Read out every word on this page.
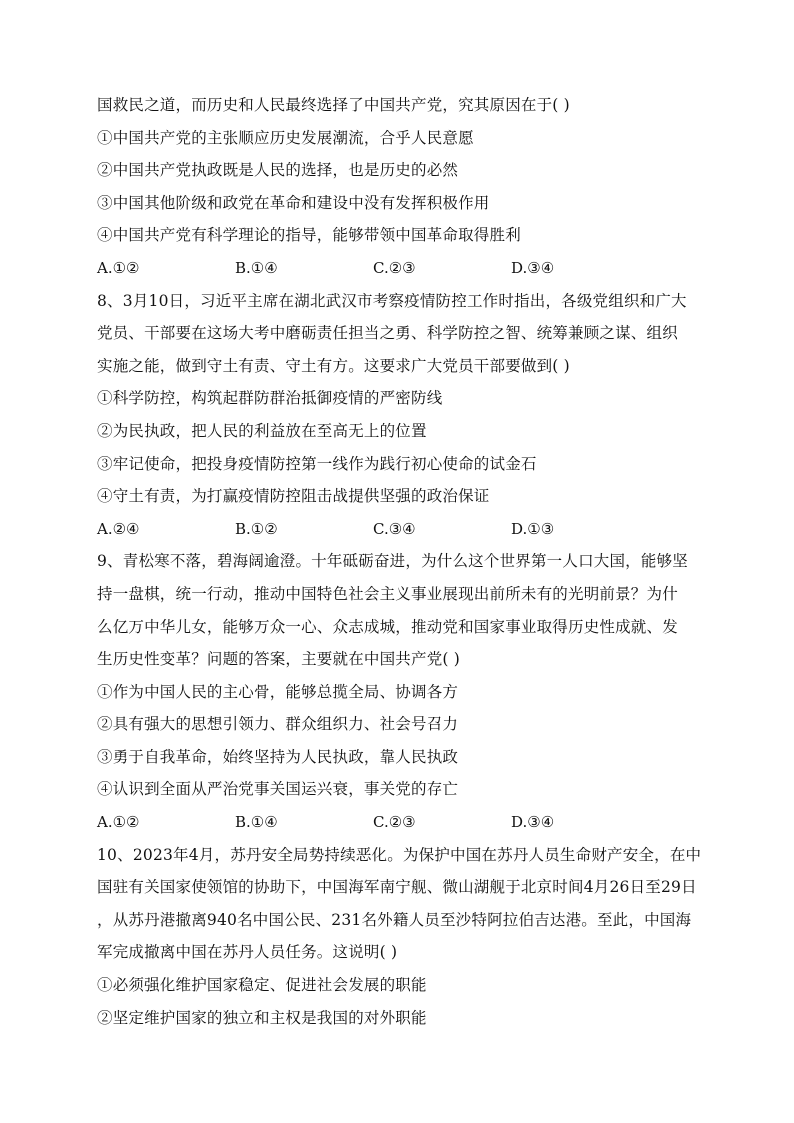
国救民之道，而历史和人民最终选择了中国共产党，究其原因在于( )
①中国共产党的主张顺应历史发展潮流，合乎人民意愿
②中国共产党执政既是人民的选择，也是历史的必然
③中国其他阶级和政党在革命和建设中没有发挥积极作用
④中国共产党有科学理论的指导，能够带领中国革命取得胜利
A.①②	B.①④	C.②③	D.③④
8、3月10日，习近平主席在湖北武汉市考察疫情防控工作时指出，各级党组织和广大
党员、干部要在这场大考中磨砺责任担当之勇、科学防控之智、统筹兼顾之谋、组织
实施之能，做到守土有责、守土有方。这要求广大党员干部要做到( )
①科学防控，构筑起群防群治抵御疫情的严密防线
②为民执政，把人民的利益放在至高无上的位置
③牢记使命，把投身疫情防控第一线作为践行初心使命的试金石
④守土有责，为打赢疫情防控阻击战提供坚强的政治保证
A.②④	B.①②	C.③④	D.①③
9、青松寒不落，碧海阔逾澄。十年砥砺奋进，为什么这个世界第一人口大国，能够坚
持一盘棋，统一行动，推动中国特色社会主义事业展现出前所未有的光明前景？为什
么亿万中华儿女，能够万众一心、众志成城，推动党和国家事业取得历史性成就、发
生历史性变革？问题的答案，主要就在中国共产党( )
①作为中国人民的主心骨，能够总揽全局、协调各方
②具有强大的思想引领力、群众组织力、社会号召力
③勇于自我革命，始终坚持为人民执政，靠人民执政
④认识到全面从严治党事关国运兴衰，事关党的存亡
A.①②	B.①④	C.②③	D.③④
10、2023年4月，苏丹安全局势持续恶化。为保护中国在苏丹人员生命财产安全，在中
国驻有关国家使领馆的协助下，中国海军南宁舰、微山湖舰于北京时间4月26日至29日
，从苏丹港撤离940名中国公民、231名外籍人员至沙特阿拉伯吉达港。至此，中国海
军完成撤离中国在苏丹人员任务。这说明( )
①必须强化维护国家稳定、促进社会发展的职能
②坚定维护国家的独立和主权是我国的对外职能
